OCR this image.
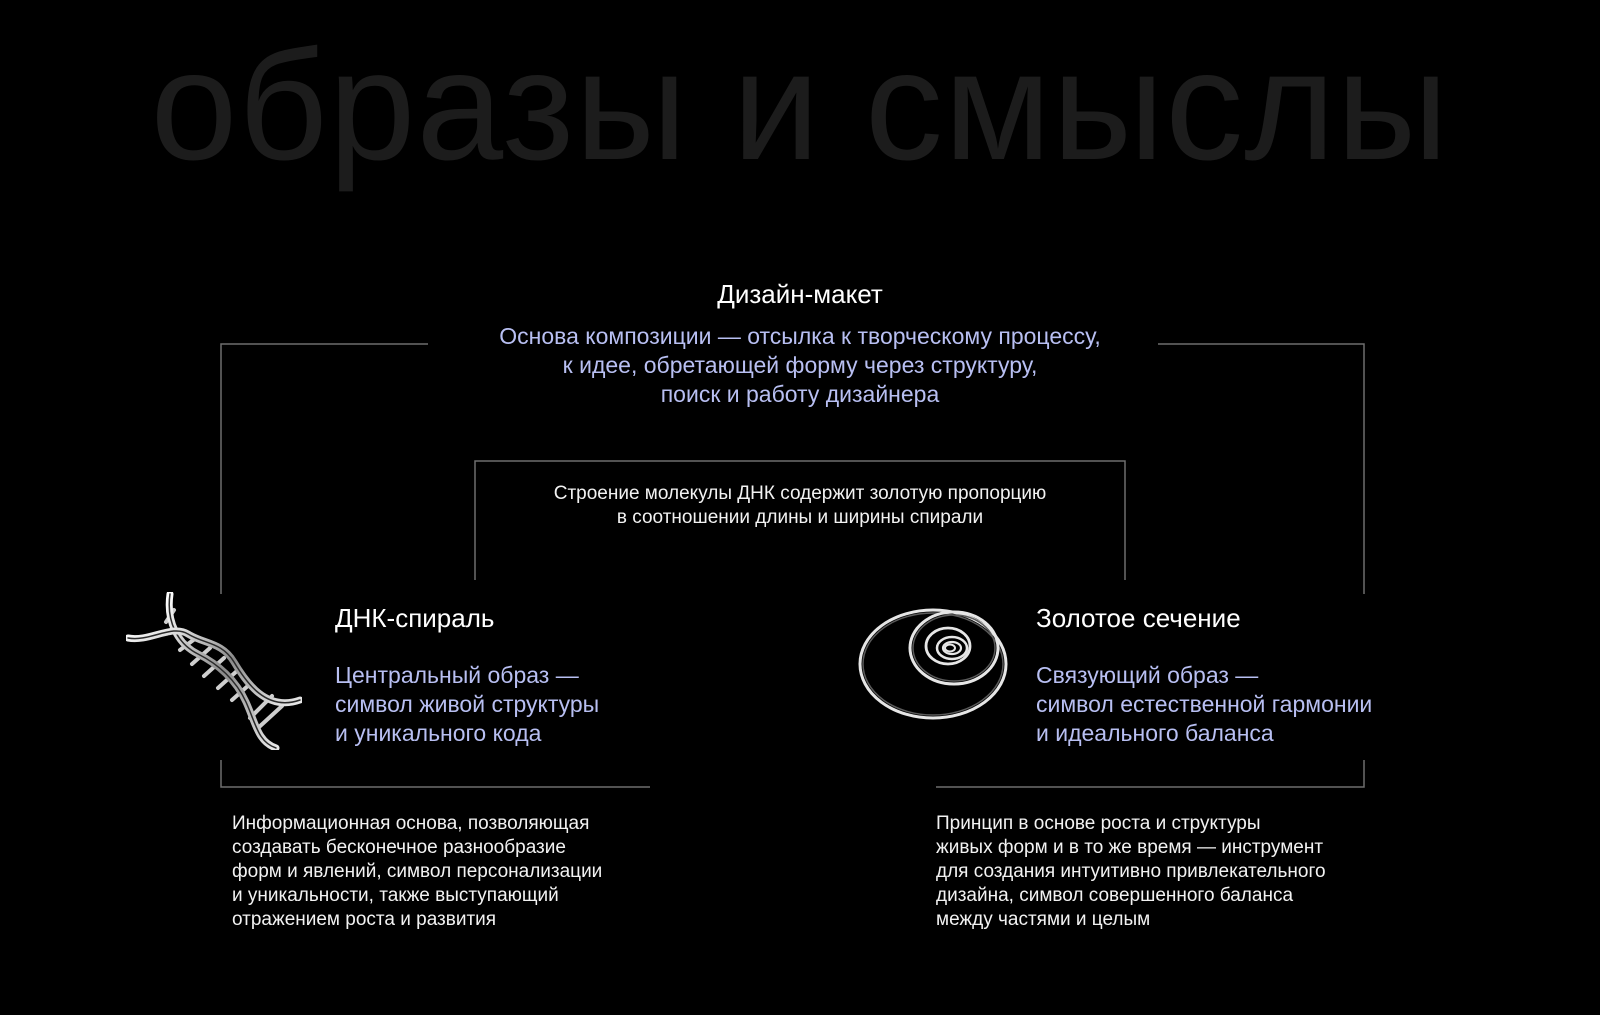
образы и смыслы
Дизайн-макет
Основа композиции — отсылка к творческому процессу,
к идее, обретающей форму через структуру,
поиск и работу дизайнера
Строение молекулы ДНК содержит золотую пропорцию
в соотношении длины и ширины спирали
ДНК-спираль
Центральный образ —
символ живой структуры
и уникального кода
Информационная основа, позволяющая
создавать бесконечное разнообразие
форм и явлений, символ персонализации
и уникальности, также выступающий
отражением роста и развития
Золотое сечение
Связующий образ —
символ естественной гармонии
и идеального баланса
Принцип в основе роста и структуры
живых форм и в то же время — инструмент
для создания интуитивно привлекательного
дизайна, символ совершенного баланса
между частями и целым
